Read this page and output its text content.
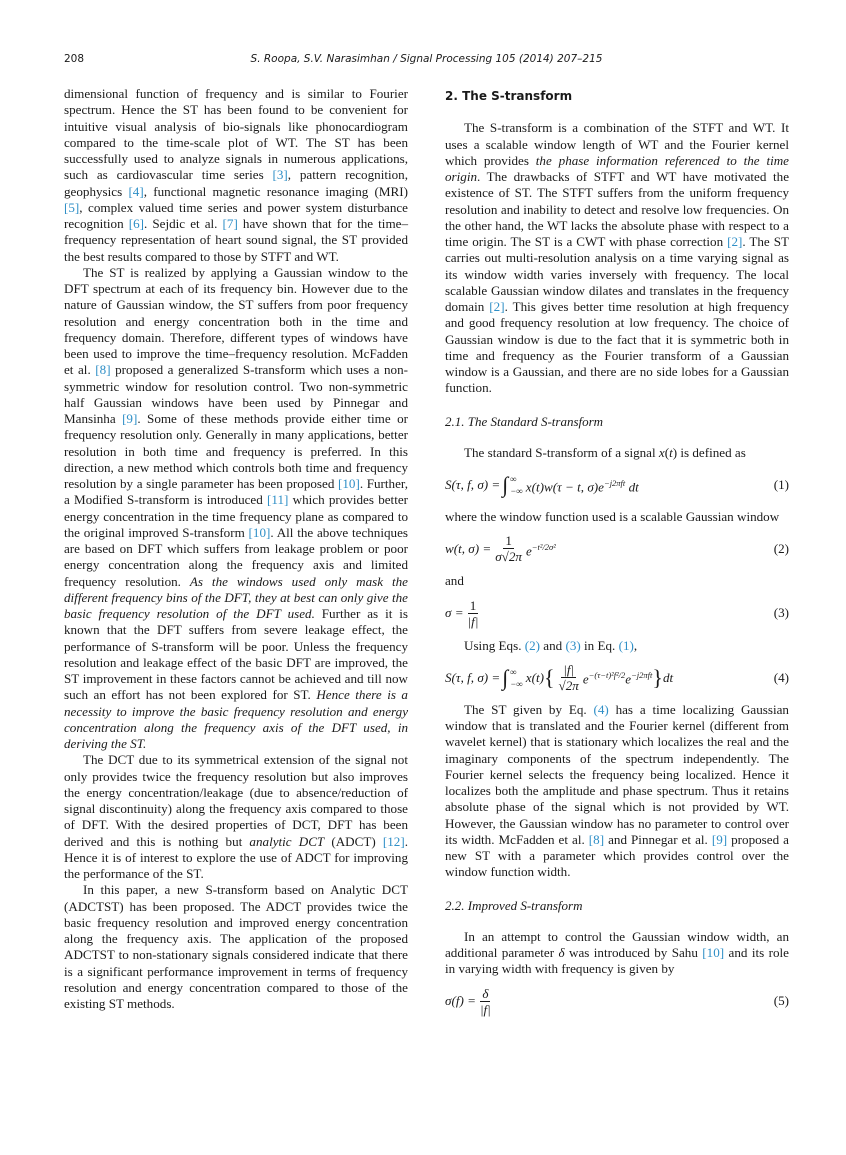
208	S. Roopa, S.V. Narasimhan / Signal Processing 105 (2014) 207–215

dimensional function of frequency and is similar to Fourier spectrum. Hence the ST has been found to be convenient for intuitive visual analysis of bio-signals like phonocardiogram compared to the time-scale plot of WT. The ST has been successfully used to analyze signals in numerous applications, such as cardiovascular time series [3], pattern recognition, geophysics [4], functional magnetic resonance imaging (MRI) [5], complex valued time series and power system disturbance recognition [6]. Sejdic et al. [7] have shown that for the time–frequency representation of heart sound signal, the ST provided the best results compared to those by STFT and WT.

The ST is realized by applying a Gaussian window to the DFT spectrum at each of its frequency bin. However due to the nature of Gaussian window, the ST suffers from poor frequency resolution and energy concentration both in the time and frequency domain. Therefore, different types of windows have been used to improve the time–frequency resolution. McFadden et al. [8] proposed a generalized S-transform which uses a non-symmetric window for resolution control. Two non-symmetric half Gaussian windows have been used by Pinnegar and Mansinha [9]. Some of these methods provide either time or frequency resolution only. Generally in many applications, better resolution in both time and frequency is preferred. In this direction, a new method which controls both time and frequency resolution by a single parameter has been proposed [10]. Further, a Modified S-transform is introduced [11] which provides better energy concentration in the time frequency plane as compared to the original improved S-transform [10]. All the above techniques are based on DFT which suffers from leakage problem or poor energy concentration along the frequency axis and limited frequency resolution. As the windows used only mask the different frequency bins of the DFT, they at best can only give the basic frequency resolution of the DFT used. Further as it is known that the DFT suffers from severe leakage effect, the performance of S-transform will be poor. Unless the frequency resolution and leakage effect of the basic DFT are improved, the ST improvement in these factors cannot be achieved and till now such an effort has not been explored for ST. Hence there is a necessity to improve the basic frequency resolution and energy concentration along the frequency axis of the DFT used, in deriving the ST.

The DCT due to its symmetrical extension of the signal not only provides twice the frequency resolution but also improves the energy concentration/leakage (due to absence/reduction of signal discontinuity) along the frequency axis compared to those of DFT. With the desired properties of DCT, DFT has been derived and this is nothing but analytic DCT (ADCT) [12]. Hence it is of interest to explore the use of ADCT for improving the performance of the ST.

In this paper, a new S-transform based on Analytic DCT (ADCTST) has been proposed. The ADCT provides twice the basic frequency resolution and improved energy concentration along the frequency axis. The application of the proposed ADCTST to non-stationary signals considered indicate that there is a significant performance improvement in terms of frequency resolution and energy concentration compared to those of the existing ST methods.

2. The S-transform

The S-transform is a combination of the STFT and WT. It uses a scalable window length of WT and the Fourier kernel which provides the phase information referenced to the time origin. The drawbacks of STFT and WT have motivated the existence of ST. The STFT suffers from the uniform frequency resolution and inability to detect and resolve low frequencies. On the other hand, the WT lacks the absolute phase with respect to a time origin. The ST is a CWT with phase correction [2]. The ST carries out multi-resolution analysis on a time varying signal as its window width varies inversely with frequency. The local scalable Gaussian window dilates and translates in the frequency domain [2]. This gives better time resolution at high frequency and good frequency resolution at low frequency. The choice of Gaussian window is due to the fact that it is symmetric both in time and frequency as the Fourier transform of a Gaussian window is a Gaussian, and there are no side lobes for a Gaussian function.

2.1. The Standard S-transform

The standard S-transform of a signal x(t) is defined as

S(τ, f, σ) = ∫ ∞
−∞ x(t)w(τ − t, $\sigma)e^{-j2\pi ft}$ dt	(1)

where the window function used is a scalable Gaussian window

w(t, $\sigma) = \frac{1}{\sigma√2\pi} e^{-t^2/2\sigma^2}$	(2)

and

$\sigma = \frac{1}{|f|}$	(3)

Using Eqs. (2) and (3) in Eq. (1),

S(τ, f, σ) = ∫ ∞
−∞ x(t) { $\frac{|f|}{√2\pi} e^{-(\tau-t)^2f^2/2}e^{-j2\pi ft}$ } dt	(4)

The ST given by Eq. (4) has a time localizing Gaussian window that is translated and the Fourier kernel (different from wavelet kernel) that is stationary which localizes the real and the imaginary components of the spectrum independently. The Fourier kernel selects the frequency being localized. Hence it localizes both the amplitude and phase spectrum. Thus it retains absolute phase of the signal which is not provided by WT. However, the Gaussian window has no parameter to control over its width. McFadden et al. [8] and Pinnegar et al. [9] proposed a new ST with a parameter which provides control over the window function width.

2.2. Improved S-transform

In an attempt to control the Gaussian window width, an additional parameter δ was introduced by Sahu [10] and its role in varying width with frequency is given by

$\sigma(f) = \frac{\delta}{|f|}$	(5)
